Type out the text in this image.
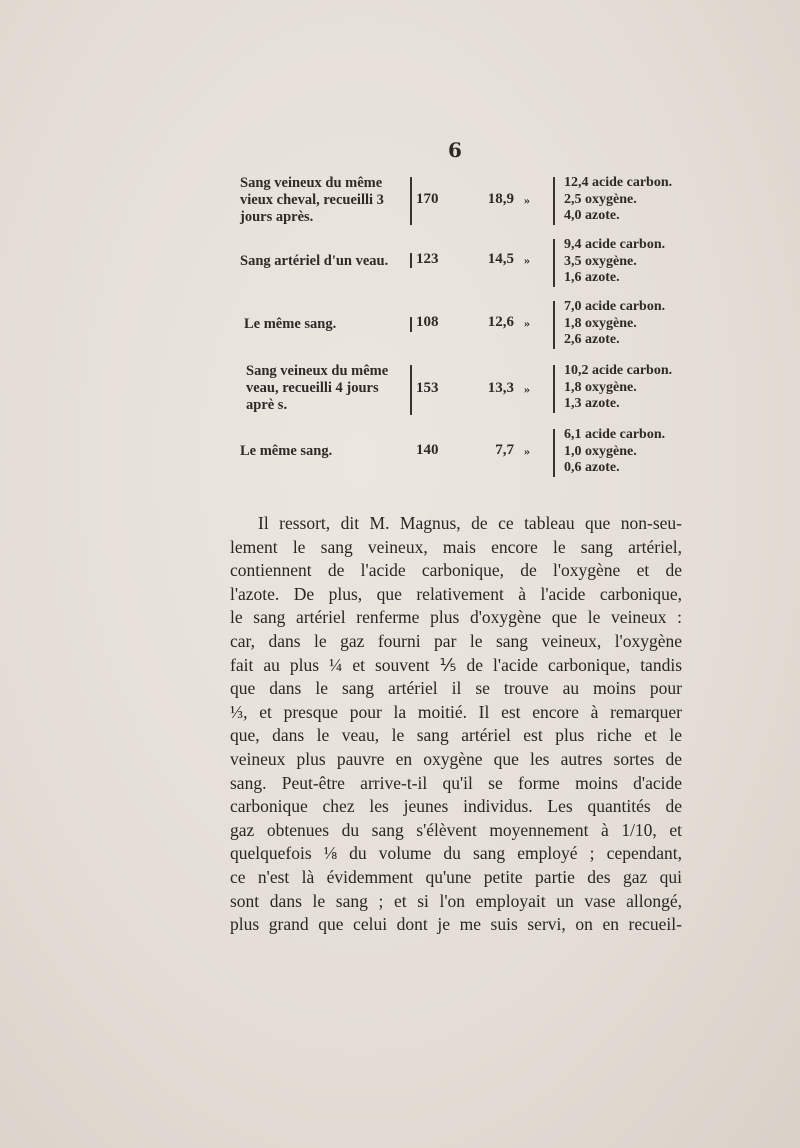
6
Sang veineux du même
vieux cheval, recueilli 3
jours après.
170	18,9 »
12,4 acide carbon.
2,5 oxygène.
4,0 azote.
Sang artériel d'un veau.	123	14,5 »
9,4 acide carbon.
3,5 oxygène.
1,6 azote.
Le même sang.	108	12,6 »
7,0 acide carbon.
1,8 oxygène.
2,6 azote.
Sang veineux du même
veau, recueilli 4 jours
aprè s.
153	13,3 »
10,2 acide carbon.
1,8 oxygène.
1,3 azote.
Le même sang.	140	7,7 »
6,1 acide carbon.
1,0 oxygène.
0,6 azote.
Il ressort, dit M. Magnus, de ce tableau que non-seu-
lement le sang veineux, mais encore le sang artériel,
contiennent de l'acide carbonique, de l'oxygène et de
l'azote. De plus, que relativement à l'acide carbonique,
le sang artériel renferme plus d'oxygène que le veineux :
car, dans le gaz fourni par le sang veineux, l'oxygène
fait au plus ¼ et souvent ⅕ de l'acide carbonique, tandis
que dans le sang artériel il se trouve au moins pour
⅓, et presque pour la moitié. Il est encore à remarquer
que, dans le veau, le sang artériel est plus riche et le
veineux plus pauvre en oxygène que les autres sortes de
sang. Peut-être arrive-t-il qu'il se forme moins d'acide
carbonique chez les jeunes individus. Les quantités de
gaz obtenues du sang s'élèvent moyennement à 1/10, et
quelquefois ⅛ du volume du sang employé ; cependant,
ce n'est là évidemment qu'une petite partie des gaz qui
sont dans le sang ; et si l'on employait un vase allongé,
plus grand que celui dont je me suis servi, on en recueil-
